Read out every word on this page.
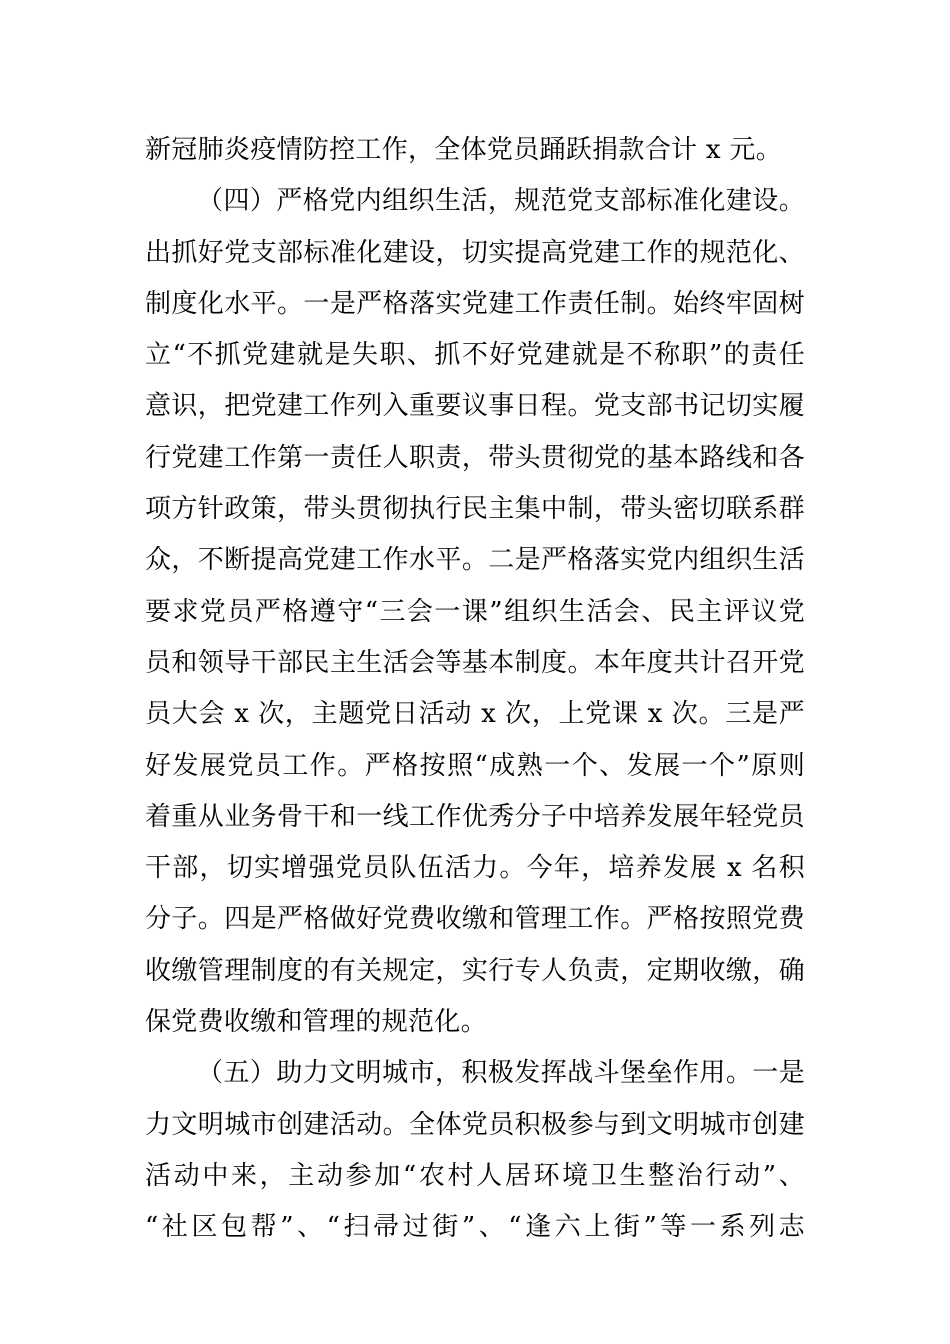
新冠肺炎疫情防控工作，全体党员踊跃捐款合计 x 元。
（四）严格党内组织生活，规范党支部标准化建设。
出抓好党支部标准化建设，切实提高党建工作的规范化、
制度化水平。一是严格落实党建工作责任制。始终牢固树
立“不抓党建就是失职、抓不好党建就是不称职”的责任
意识，把党建工作列入重要议事日程。党支部书记切实履
行党建工作第一责任人职责，带头贯彻党的基本路线和各
项方针政策，带头贯彻执行民主集中制，带头密切联系群
众，不断提高党建工作水平。二是严格落实党内组织生活
要求党员严格遵守“三会一课”组织生活会、民主评议党
员和领导干部民主生活会等基本制度。本年度共计召开党
员大会 x 次，主题党日活动 x 次，上党课 x 次。三是严
好发展党员工作。严格按照“成熟一个、发展一个”原则
着重从业务骨干和一线工作优秀分子中培养发展年轻党员
干部，切实增强党员队伍活力。今年，培养发展 x 名积
分子。四是严格做好党费收缴和管理工作。严格按照党费
收缴管理制度的有关规定，实行专人负责，定期收缴，确
保党费收缴和管理的规范化。
（五）助力文明城市，积极发挥战斗堡垒作用。一是
力文明城市创建活动。全体党员积极参与到文明城市创建
活动中来，主动参加“农村人居环境卫生整治行动”、
“社区包帮”、“扫帚过街”、“逢六上街”等一系列志
